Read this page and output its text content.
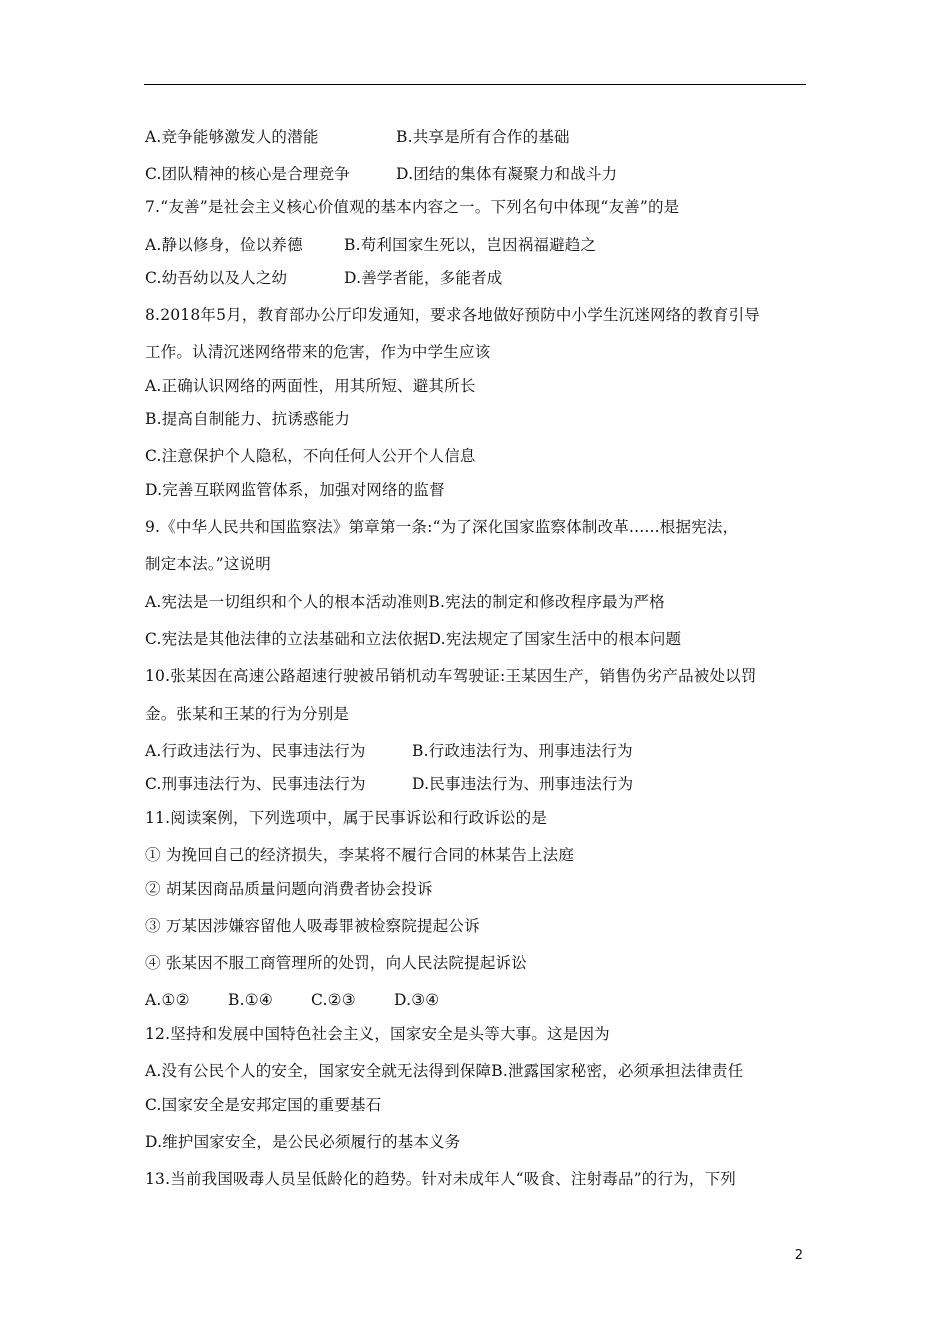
A.竞争能够激发人的潜能	B.共享是所有合作的基础
C.团队精神的核心是合理竞争	D.团结的集体有凝聚力和战斗力
7.“友善”是社会主义核心价值观的基本内容之一。下列名句中体现“友善”的是
A.静以修身，俭以养德	B.苟利国家生死以，岂因祸福避趋之
C.幼吾幼以及人之幼	D.善学者能，多能者成
8.2018年5月，教育部办公厅印发通知，要求各地做好预防中小学生沉迷网络的教育引导
工作。认清沉迷网络带来的危害，作为中学生应该
A.正确认识网络的两面性，用其所短、避其所长
B.提高自制能力、抗诱惑能力
C.注意保护个人隐私，不向任何人公开个人信息
D.完善互联网监管体系，加强对网络的监督
9.《中华人民共和国监察法》第章第一条:“为了深化国家监察体制改革......根据宪法，
制定本法。”这说明
A.宪法是一切组织和个人的根本活动准则B.宪法的制定和修改程序最为严格
C.宪法是其他法律的立法基础和立法依据D.宪法规定了国家生活中的根本问题
10.张某因在高速公路超速行驶被吊销机动车驾驶证:王某因生产，销售伪劣产品被处以罚
金。张某和王某的行为分别是
A.行政违法行为、民事违法行为	B.行政违法行为、刑事违法行为
C.刑事违法行为、民事违法行为	D.民事违法行为、刑事违法行为
11.阅读案例，下列选项中，属于民事诉讼和行政诉讼的是
① 为挽回自己的经济损失，李某将不履行合同的林某告上法庭
② 胡某因商品质量问题向消费者协会投诉
③ 万某因涉嫌容留他人吸毒罪被检察院提起公诉
④ 张某因不服工商管理所的处罚，向人民法院提起诉讼
A.①② B.①④ C.②③ D.③④
12.坚持和发展中国特色社会主义，国家安全是头等大事。这是因为
A.没有公民个人的安全，国家安全就无法得到保障B.泄露国家秘密，必须承担法律责任
C.国家安全是安邦定国的重要基石
D.维护国家安全，是公民必须履行的基本义务
13.当前我国吸毒人员呈低龄化的趋势。针对未成年人“吸食、注射毒品”的行为，下列
2
